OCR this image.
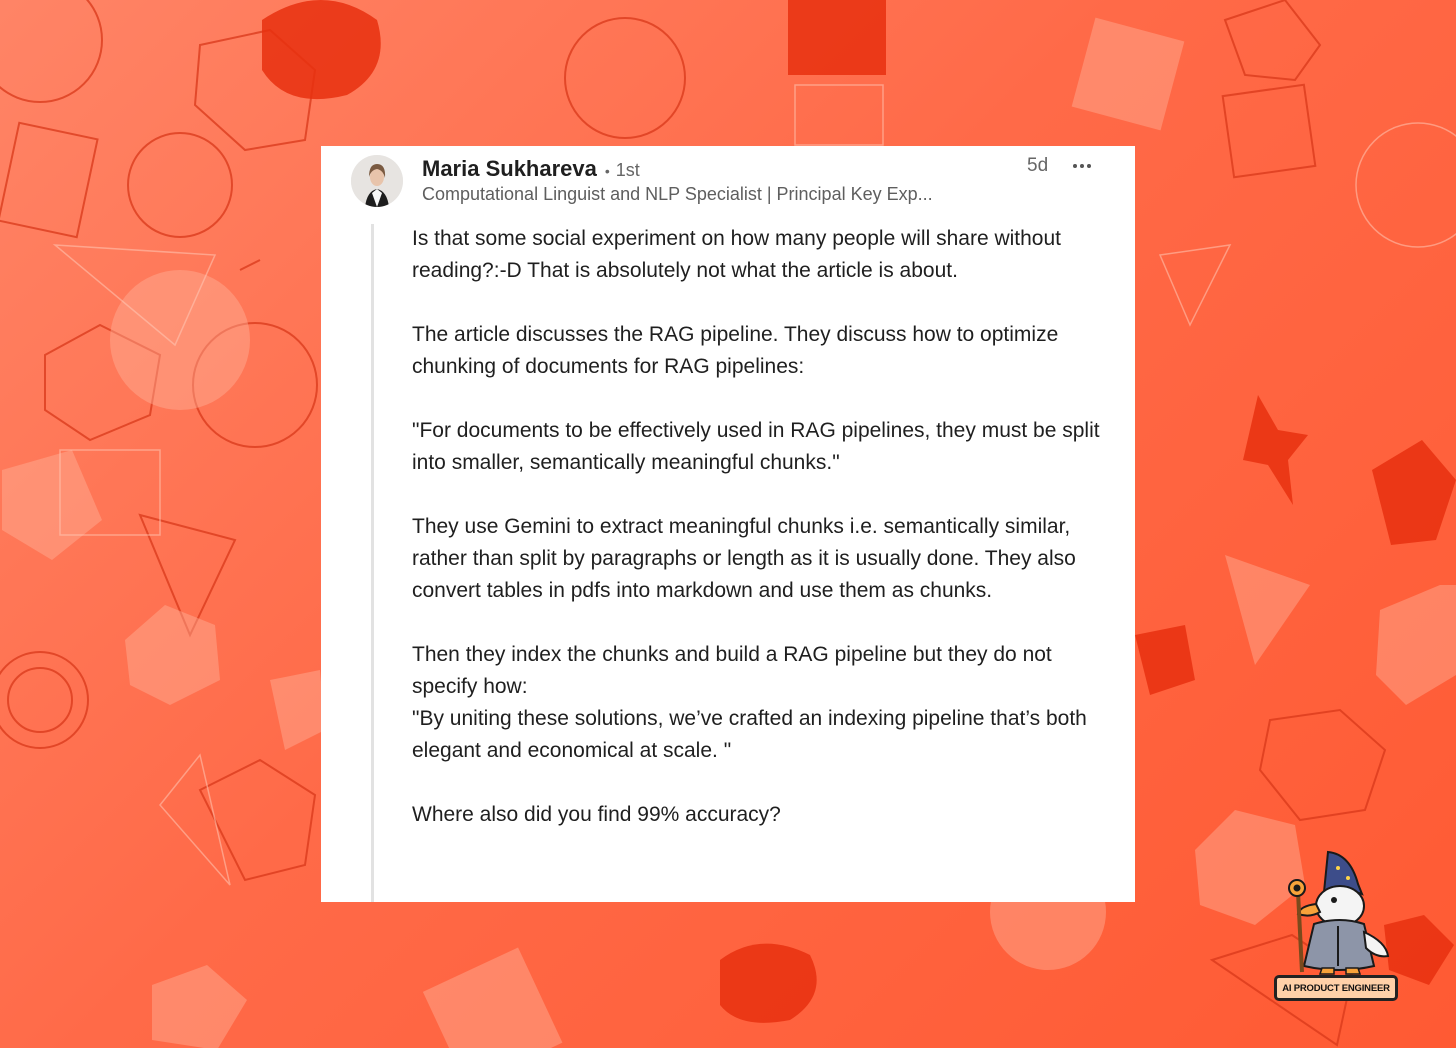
Maria Sukhareva • 1st
Computational Linguist and NLP Specialist | Principal Key Exp...
5d

Is that some social experiment on how many people will share without reading?:-D That is absolutely not what the article is about.

The article discusses the RAG pipeline. They discuss how to optimize chunking of documents for RAG pipelines:

"For documents to be effectively used in RAG pipelines, they must be split into smaller, semantically meaningful chunks."

They use Gemini to extract meaningful chunks i.e. semantically similar, rather than split by paragraphs or length as it is usually done. They also convert tables in pdfs into markdown and use them as chunks.

Then they index the chunks and build a RAG pipeline but they do not specify how:
"By uniting these solutions, we’ve crafted an indexing pipeline that’s both elegant and economical at scale. "

Where also did you find 99% accuracy?

AI PRODUCT ENGINEER
